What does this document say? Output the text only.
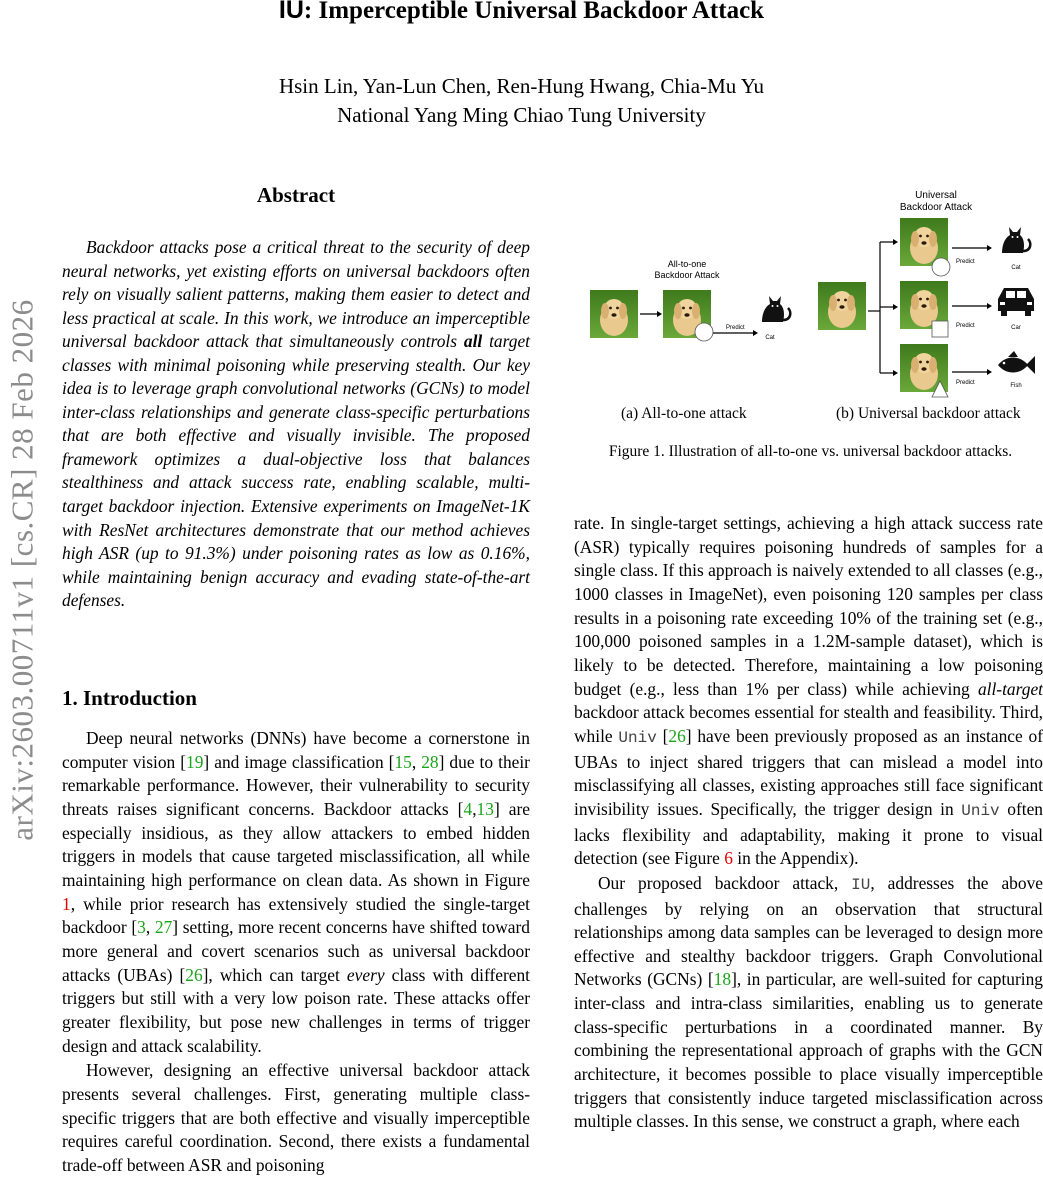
arXiv:2603.00711v1 [cs.CR] 28 Feb 2026
IU: Imperceptible Universal Backdoor Attack
Hsin Lin, Yan-Lun Chen, Ren-Hung Hwang, Chia-Mu Yu
National Yang Ming Chiao Tung University
Abstract
Backdoor attacks pose a critical threat to the security of deep neural networks, yet existing efforts on universal backdoors often rely on visually salient patterns, making them easier to detect and less practical at scale. In this work, we introduce an imperceptible universal backdoor attack that simultaneously controls all target classes with minimal poisoning while preserving stealth. Our key idea is to leverage graph convolutional networks (GCNs) to model inter-class relationships and generate class-specific perturbations that are both effective and visually invisible. The proposed framework optimizes a dual-objective loss that balances stealthiness and attack success rate, enabling scalable, multi-target backdoor injection. Extensive experiments on ImageNet-1K with ResNet architectures demonstrate that our method achieves high ASR (up to 91.3%) under poisoning rates as low as 0.16%, while maintaining benign accuracy and evading state-of-the-art defenses.
1. Introduction

Deep neural networks (DNNs) have become a cornerstone in computer vision [19] and image classification [15, 28] due to their remarkable performance. However, their vulnerability to security threats raises significant concerns. Backdoor attacks [4,13] are especially insidious, as they allow attackers to embed hidden triggers in models that cause targeted misclassification, all while maintaining high performance on clean data. As shown in Figure 1, while prior research has extensively studied the single-target backdoor [3, 27] setting, more recent concerns have shifted toward more general and covert scenarios such as universal backdoor attacks (UBAs) [26], which can target every class with different triggers but still with a very low poison rate. These attacks offer greater flexibility, but pose new challenges in terms of trigger design and attack scalability.

However, designing an effective universal backdoor attack presents several challenges. First, generating multiple class-specific triggers that are both effective and visually imperceptible requires careful coordination. Second, there exists a fundamental trade-off between ASR and poisoning

All-to-one
Backdoor Attack
Predict
Cat
Universal
Backdoor Attack
Predict
Cat
Predict	Car
Predict	Fish
(a) All-to-one attack	(b) Universal backdoor attack
Figure 1. Illustration of all-to-one vs. universal backdoor attacks.

rate. In single-target settings, achieving a high attack success rate (ASR) typically requires poisoning hundreds of samples for a single class. If this approach is naively extended to all classes (e.g., 1000 classes in ImageNet), even poisoning 120 samples per class results in a poisoning rate exceeding 10% of the training set (e.g., 100,000 poisoned samples in a 1.2M-sample dataset), which is likely to be detected. Therefore, maintaining a low poisoning budget (e.g., less than 1% per class) while achieving all-target backdoor attack becomes essential for stealth and feasibility. Third, while Univ [26] have been previously proposed as an instance of UBAs to inject shared triggers that can mislead a model into misclassifying all classes, existing approaches still face significant invisibility issues. Specifically, the trigger design in Univ often lacks flexibility and adaptability, making it prone to visual detection (see Figure 6 in the Appendix).

Our proposed backdoor attack, IU, addresses the above challenges by relying on an observation that structural relationships among data samples can be leveraged to design more effective and stealthy backdoor triggers. Graph Convolutional Networks (GCNs) [18], in particular, are well-suited for capturing inter-class and intra-class similarities, enabling us to generate class-specific perturbations in a coordinated manner. By combining the representational approach of graphs with the GCN architecture, it becomes possible to place visually imperceptible triggers that consistently induce targeted misclassification across multiple classes. In this sense, we construct a graph, where each
